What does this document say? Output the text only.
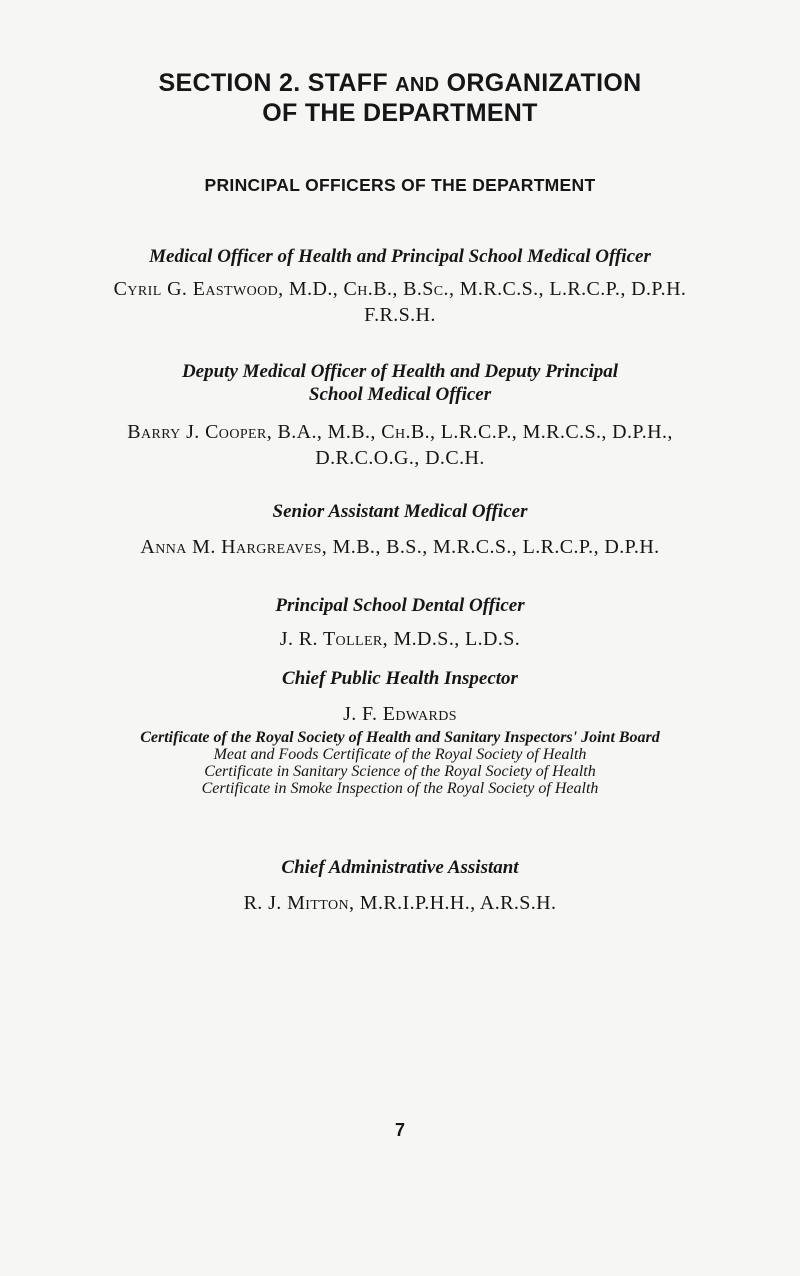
SECTION 2. STAFF AND ORGANIZATION
OF THE DEPARTMENT
PRINCIPAL OFFICERS OF THE DEPARTMENT
Medical Officer of Health and Principal School Medical Officer
Cyril G. Eastwood, M.D., Ch.B., B.Sc., M.R.C.S., L.R.C.P., D.P.H.
F.R.S.H.
Deputy Medical Officer of Health and Deputy Principal
School Medical Officer
Barry J. Cooper, B.A., M.B., Ch.B., L.R.C.P., M.R.C.S., D.P.H.,
D.R.C.O.G., D.C.H.
Senior Assistant Medical Officer
Anna M. Hargreaves, M.B., B.S., M.R.C.S., L.R.C.P., D.P.H.
Principal School Dental Officer
J. R. Toller, M.D.S., L.D.S.
Chief Public Health Inspector
J. F. Edwards
Certificate of the Royal Society of Health and Sanitary Inspectors' Joint Board
Meat and Foods Certificate of the Royal Society of Health
Certificate in Sanitary Science of the Royal Society of Health
Certificate in Smoke Inspection of the Royal Society of Health
Chief Administrative Assistant
R. J. Mitton, M.R.I.P.H.H., A.R.S.H.
7
